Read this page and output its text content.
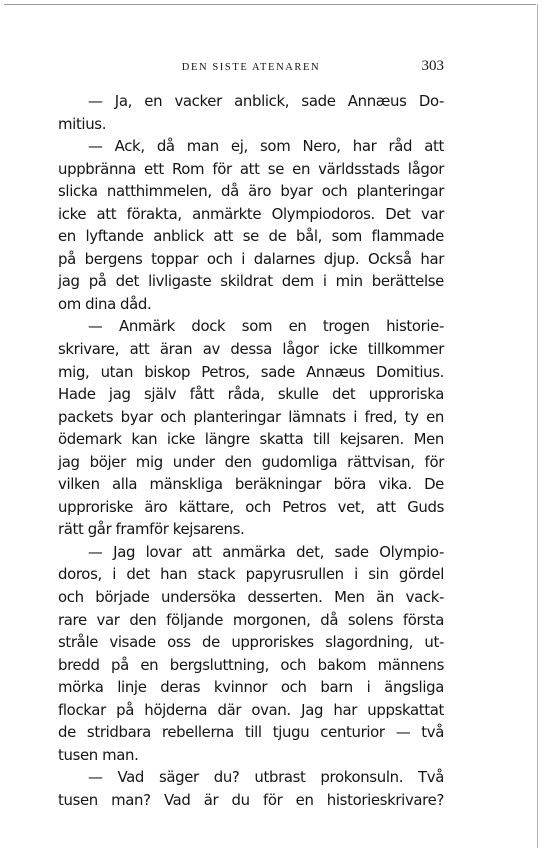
DEN SISTE ATENAREN	303
— Ja, en vacker anblick, sade Annæus Do-
mitius.
— Ack, då man ej, som Nero, har råd att
uppbränna ett Rom för att se en världsstads lågor
slicka natthimmelen, då äro byar och planteringar
icke att förakta, anmärkte Olympiodoros. Det var
en lyftande anblick att se de bål, som flammade
på bergens toppar och i dalarnes djup. Också har
jag på det livligaste skildrat dem i min berättelse
om dina dåd.
— Anmärk dock som en trogen historie-
skrivare, att äran av dessa lågor icke tillkommer
mig, utan biskop Petros, sade Annæus Domitius.
Hade jag själv fått råda, skulle det upproriska
packets byar och planteringar lämnats i fred, ty en
ödemark kan icke längre skatta till kejsaren. Men
jag böjer mig under den gudomliga rättvisan, för
vilken alla mänskliga beräkningar böra vika. De
upproriske äro kättare, och Petros vet, att Guds
rätt går framför kejsarens.
— Jag lovar att anmärka det, sade Olympio-
doros, i det han stack papyrusrullen i sin gördel
och började undersöka desserten. Men än vack-
rare var den följande morgonen, då solens första
stråle visade oss de upproriskes slagordning, ut-
bredd på en bergsluttning, och bakom männens
mörka linje deras kvinnor och barn i ängsliga
flockar på höjderna där ovan. Jag har uppskattat
de stridbara rebellerna till tjugu centurior — två
tusen man.
— Vad säger du? utbrast prokonsuln. Två
tusen man? Vad är du för en historieskrivare?
